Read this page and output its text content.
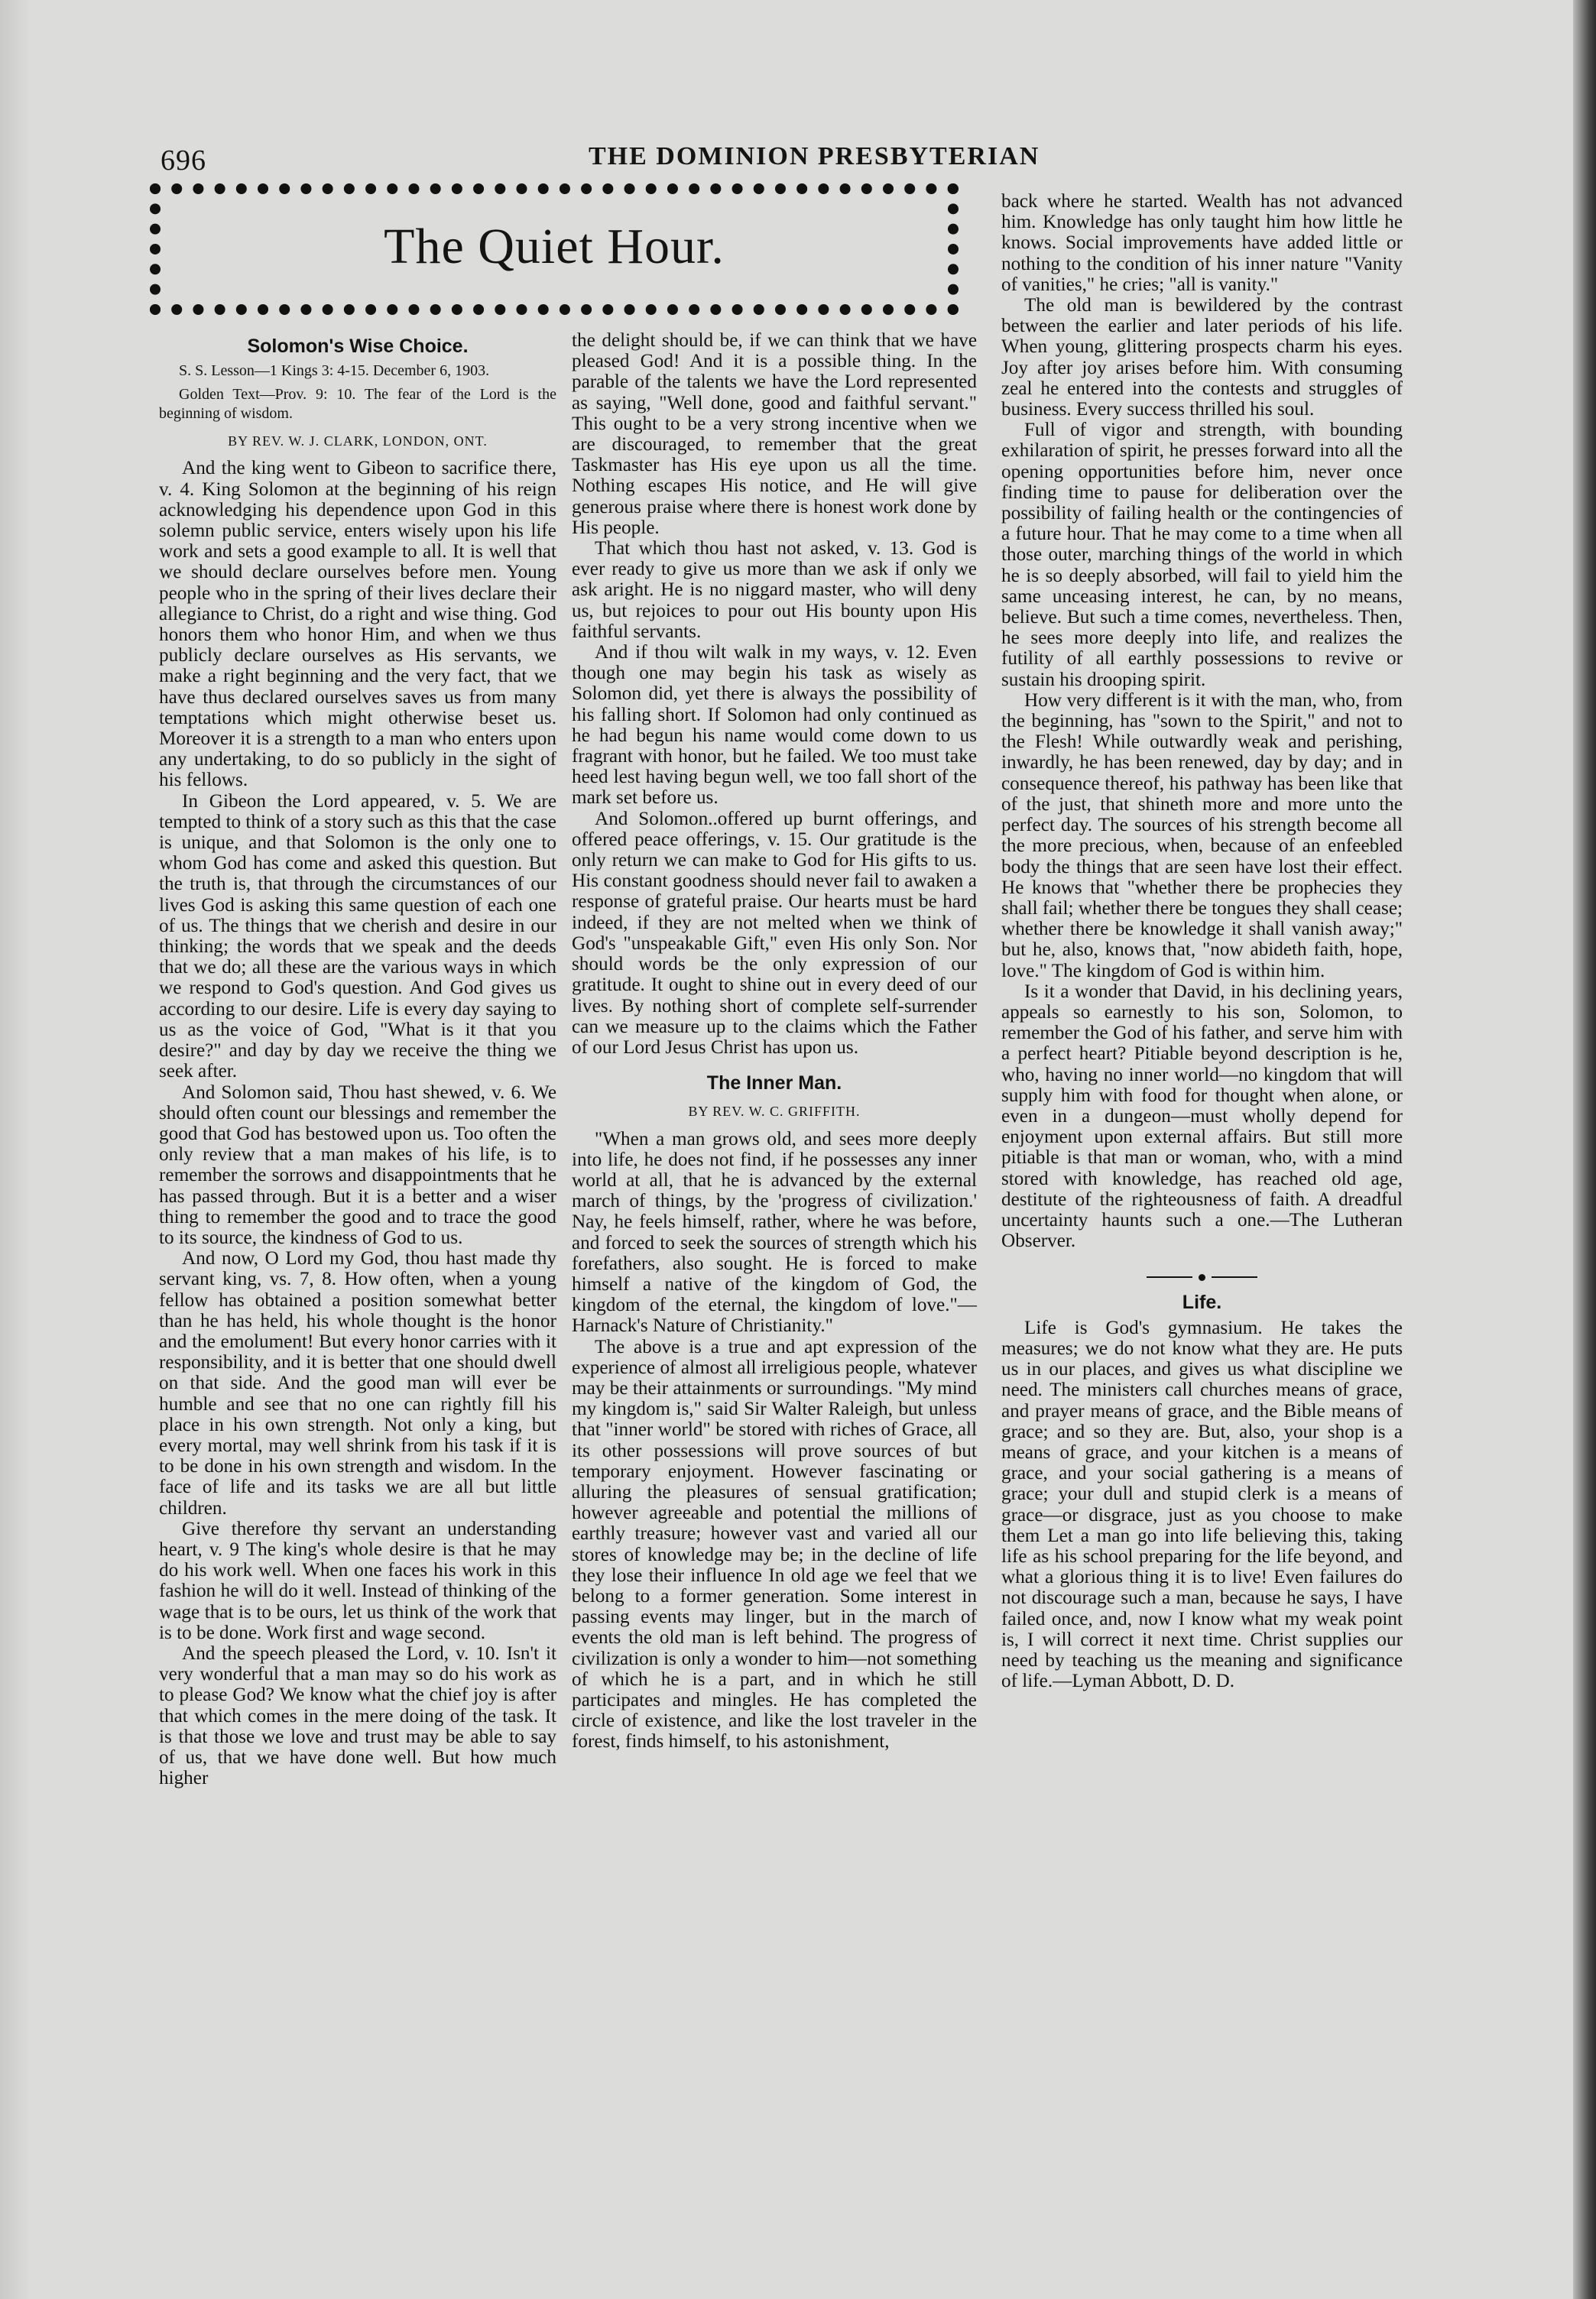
696	THE DOMINION PRESBYTERIAN
The Quiet Hour.
Solomon's Wise Choice.

S. S. Lesson—1 Kings 3: 4-15. December 6, 1903.

Golden Text—Prov. 9: 10. The fear of the Lord is the beginning of wisdom.

BY REV. W. J. CLARK, LONDON, ONT.

And the king went to Gibeon to sacrifice there, v. 4. King Solomon at the beginning of his reign acknowledging his dependence upon God in this solemn public service, enters wisely upon his life work and sets a good example to all. It is well that we should declare ourselves before men. Young people who in the spring of their lives declare their allegiance to Christ, do a right and wise thing. God honors them who honor Him, and when we thus publicly declare ourselves as His servants, we make a right beginning and the very fact, that we have thus declared ourselves saves us from many temptations which might otherwise beset us. Moreover it is a strength to a man who enters upon any undertaking, to do so publicly in the sight of his fellows.

In Gibeon the Lord appeared, v. 5. We are tempted to think of a story such as this that the case is unique, and that Solomon is the only one to whom God has come and asked this question. But the truth is, that through the circumstances of our lives God is asking this same question of each one of us. The things that we cherish and desire in our thinking; the words that we speak and the deeds that we do; all these are the various ways in which we respond to God's question. And God gives us according to our desire. Life is every day saying to us as the voice of God, "What is it that you desire?" and day by day we receive the thing we seek after.

And Solomon said, Thou hast shewed, v. 6. We should often count our blessings and remember the good that God has bestowed upon us. Too often the only review that a man makes of his life, is to remember the sorrows and disappointments that he has passed through. But it is a better and a wiser thing to remember the good and to trace the good to its source, the kindness of God to us.

And now, O Lord my God, thou hast made thy servant king, vs. 7, 8. How often, when a young fellow has obtained a position somewhat better than he has held, his whole thought is the honor and the emolument! But every honor carries with it responsibility, and it is better that one should dwell on that side. And the good man will ever be humble and see that no one can rightly fill his place in his own strength. Not only a king, but every mortal, may well shrink from his task if it is to be done in his own strength and wisdom. In the face of life and its tasks we are all but little children.

Give therefore thy servant an understanding heart, v. 9 The king's whole desire is that he may do his work well. When one faces his work in this fashion he will do it well. Instead of thinking of the wage that is to be ours, let us think of the work that is to be done. Work first and wage second.

And the speech pleased the Lord, v. 10. Isn't it very wonderful that a man may so do his work as to please God? We know what the chief joy is after that which comes in the mere doing of the task. It is that those we love and trust may be able to say of us, that we have done well. But how much higher

the delight should be, if we can think that we have pleased God! And it is a possible thing. In the parable of the talents we have the Lord represented as saying, "Well done, good and faithful servant." This ought to be a very strong incentive when we are discouraged, to remember that the great Taskmaster has His eye upon us all the time. Nothing escapes His notice, and He will give generous praise where there is honest work done by His people.

That which thou hast not asked, v. 13. God is ever ready to give us more than we ask if only we ask aright. He is no niggard master, who will deny us, but rejoices to pour out His bounty upon His faithful servants.

And if thou wilt walk in my ways, v. 12. Even though one may begin his task as wisely as Solomon did, yet there is always the possibility of his falling short. If Solomon had only continued as he had begun his name would come down to us fragrant with honor, but he failed. We too must take heed lest having begun well, we too fall short of the mark set before us.

And Solomon..offered up burnt offerings, and offered peace offerings, v. 15. Our gratitude is the only return we can make to God for His gifts to us. His constant goodness should never fail to awaken a response of grateful praise. Our hearts must be hard indeed, if they are not melted when we think of God's "unspeakable Gift," even His only Son. Nor should words be the only expression of our gratitude. It ought to shine out in every deed of our lives. By nothing short of complete self-surrender can we measure up to the claims which the Father of our Lord Jesus Christ has upon us.

The Inner Man.
BY REV. W. C. GRIFFITH.

"When a man grows old, and sees more deeply into life, he does not find, if he possesses any inner world at all, that he is advanced by the external march of things, by the 'progress of civilization.' Nay, he feels himself, rather, where he was before, and forced to seek the sources of strength which his forefathers, also sought. He is forced to make himself a native of the kingdom of God, the kingdom of the eternal, the kingdom of love."—Harnack's Nature of Christianity."

The above is a true and apt expression of the experience of almost all irreligious people, whatever may be their attainments or surroundings. "My mind my kingdom is," said Sir Walter Raleigh, but unless that "inner world" be stored with riches of Grace, all its other possessions will prove sources of but temporary enjoyment. However fascinating or alluring the pleasures of sensual gratification; however agreeable and potential the millions of earthly treasure; however vast and varied all our stores of knowledge may be; in the decline of life they lose their influence In old age we feel that we belong to a former generation. Some interest in passing events may linger, but in the march of events the old man is left behind. The progress of civilization is only a wonder to him—not something of which he is a part, and in which he still participates and mingles. He has completed the circle of existence, and like the lost traveler in the forest, finds himself, to his astonishment,

back where he started. Wealth has not advanced him. Knowledge has only taught him how little he knows. Social improvements have added little or nothing to the condition of his inner nature "Vanity of vanities," he cries; "all is vanity."

The old man is bewildered by the contrast between the earlier and later periods of his life. When young, glittering prospects charm his eyes. Joy after joy arises before him. With consuming zeal he entered into the contests and struggles of business. Every success thrilled his soul.

Full of vigor and strength, with bounding exhilaration of spirit, he presses forward into all the opening opportunities before him, never once finding time to pause for deliberation over the possibility of failing health or the contingencies of a future hour. That he may come to a time when all those outer, marching things of the world in which he is so deeply absorbed, will fail to yield him the same unceasing interest, he can, by no means, believe. But such a time comes, nevertheless. Then, he sees more deeply into life, and realizes the futility of all earthly possessions to revive or sustain his drooping spirit.

How very different is it with the man, who, from the beginning, has "sown to the Spirit," and not to the Flesh! While outwardly weak and perishing, inwardly, he has been renewed, day by day; and in consequence thereof, his pathway has been like that of the just, that shineth more and more unto the perfect day. The sources of his strength become all the more precious, when, because of an enfeebled body the things that are seen have lost their effect. He knows that "whether there be prophecies they shall fail; whether there be tongues they shall cease; whether there be knowledge it shall vanish away;" but he, also, knows that, "now abideth faith, hope, love." The kingdom of God is within him.

Is it a wonder that David, in his declining years, appeals so earnestly to his son, Solomon, to remember the God of his father, and serve him with a perfect heart? Pitiable beyond description is he, who, having no inner world—no kingdom that will supply him with food for thought when alone, or even in a dungeon—must wholly depend for enjoyment upon external affairs. But still more pitiable is that man or woman, who, with a mind stored with knowledge, has reached old age, destitute of the righteousness of faith. A dreadful uncertainty haunts such a one.—The Lutheran Observer.

Life.

Life is God's gymnasium. He takes the measures; we do not know what they are. He puts us in our places, and gives us what discipline we need. The ministers call churches means of grace, and prayer means of grace, and the Bible means of grace; and so they are. But, also, your shop is a means of grace, and your kitchen is a means of grace, and your social gathering is a means of grace; your dull and stupid clerk is a means of grace—or disgrace, just as you choose to make them Let a man go into life believing this, taking life as his school preparing for the life beyond, and what a glorious thing it is to live! Even failures do not discourage such a man, because he says, I have failed once, and, now I know what my weak point is, I will correct it next time. Christ supplies our need by teaching us the meaning and significance of life.—Lyman Abbott, D. D.
